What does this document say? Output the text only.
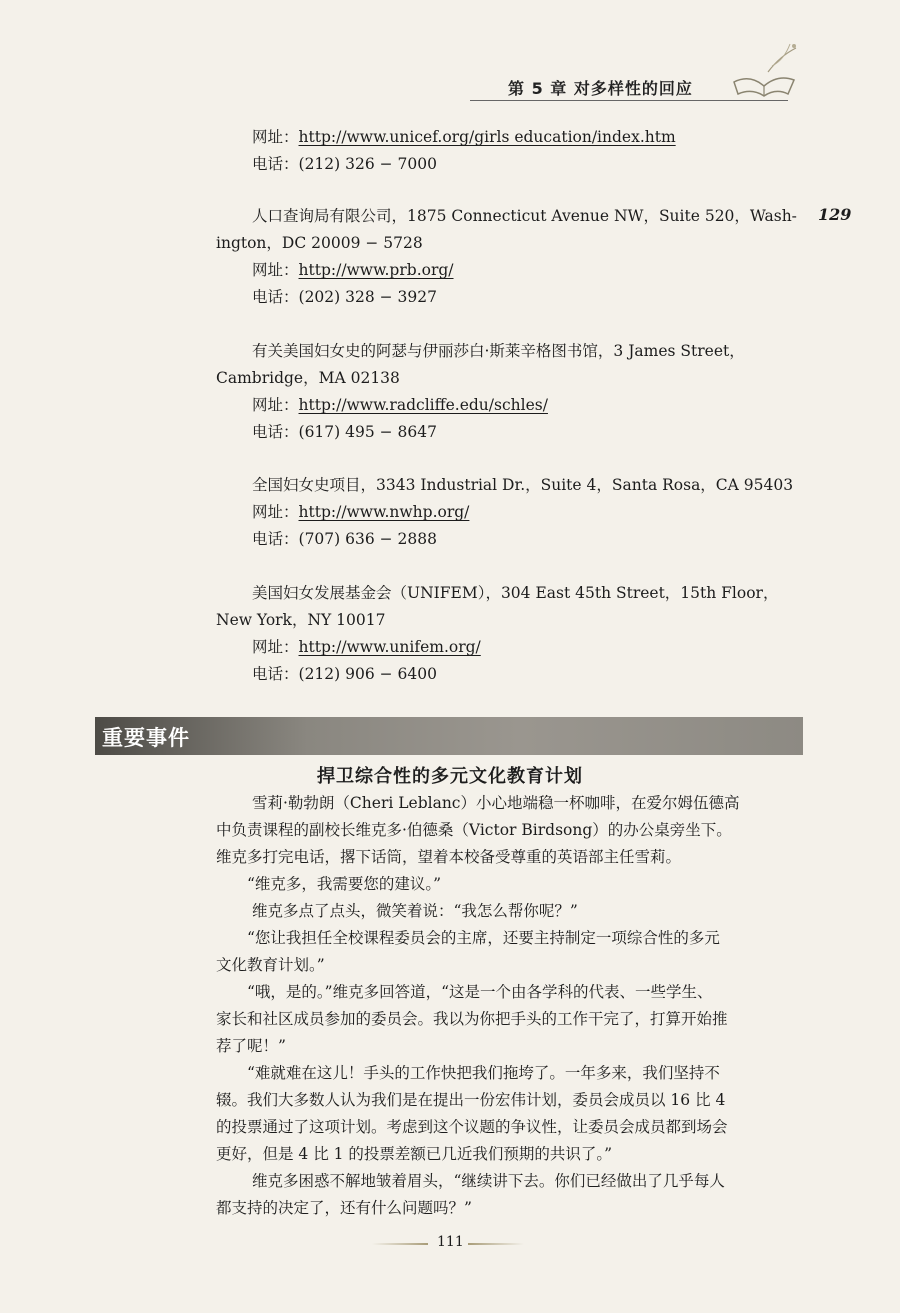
第 5 章 对多样性的回应
129
网址：http://www.unicef.org/girls education/index.htm
电话：(212) 326 − 7000
人口查询局有限公司，1875 Connecticut Avenue NW，Suite 520，Wash-
ington，DC 20009 − 5728
网址：http://www.prb.org/
电话：(202) 328 − 3927
有关美国妇女史的阿瑟与伊丽莎白·斯莱辛格图书馆，3 James Street，
Cambridge，MA 02138
网址：http://www.radcliffe.edu/schles/
电话：(617) 495 − 8647
全国妇女史项目，3343 Industrial Dr.，Suite 4，Santa Rosa，CA 95403
网址：http://www.nwhp.org/
电话：(707) 636 − 2888
美国妇女发展基金会（UNIFEM），304 East 45th Street，15th Floor，
New York，NY 10017
网址：http://www.unifem.org/
电话：(212) 906 − 6400
重要事件
捍卫综合性的多元文化教育计划
雪莉·勒勃朗（Cheri Leblanc）小心地端稳一杯咖啡，在爱尔姆伍德高
中负责课程的副校长维克多·伯德桑（Victor Birdsong）的办公桌旁坐下。
维克多打完电话，撂下话筒，望着本校备受尊重的英语部主任雪莉。
“维克多，我需要您的建议。”
维克多点了点头，微笑着说：“我怎么帮你呢？”
“您让我担任全校课程委员会的主席，还要主持制定一项综合性的多元
文化教育计划。”
“哦，是的。”维克多回答道，“这是一个由各学科的代表、一些学生、
家长和社区成员参加的委员会。我以为你把手头的工作干完了，打算开始推
荐了呢！”
“难就难在这儿！手头的工作快把我们拖垮了。一年多来，我们坚持不
辍。我们大多数人认为我们是在提出一份宏伟计划，委员会成员以 16 比 4
的投票通过了这项计划。考虑到这个议题的争议性，让委员会成员都到场会
更好，但是 4 比 1 的投票差额已几近我们预期的共识了。”
维克多困惑不解地皱着眉头，“继续讲下去。你们已经做出了几乎每人
都支持的决定了，还有什么问题吗？”
111
